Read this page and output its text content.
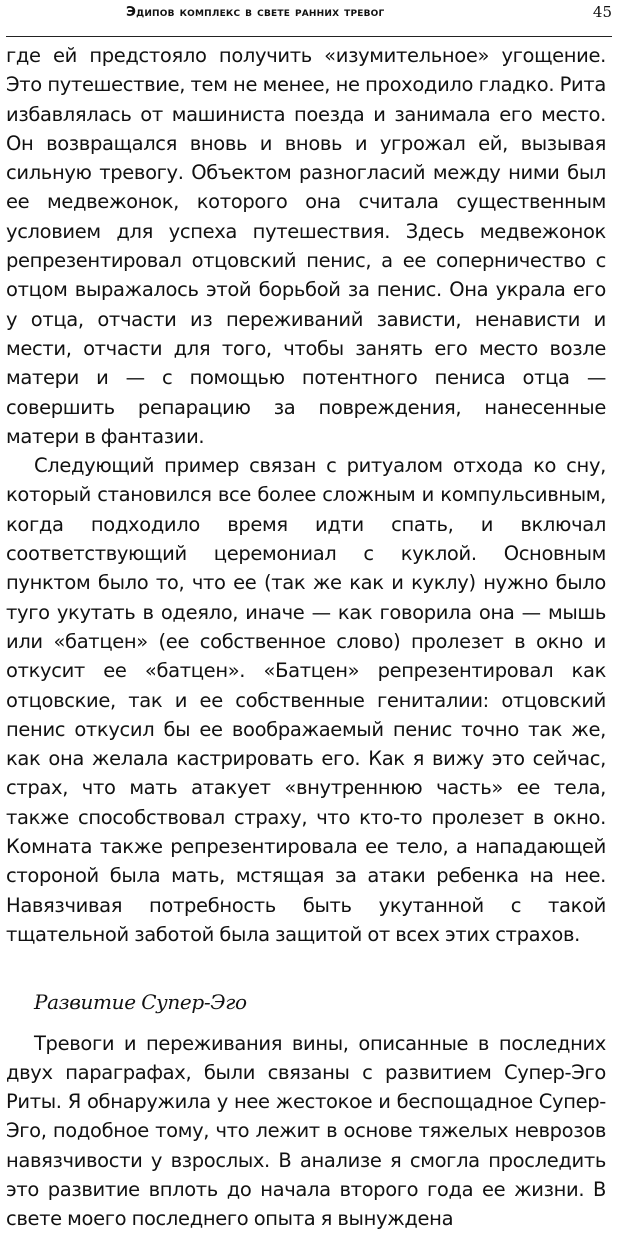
Эдипов комплекс в свете ранних тревог	45

где ей предстояло получить «изумительное» угощение. Это путешествие, тем не менее, не проходило гладко. Рита избавлялась от машиниста поезда и занимала его место. Он возвращался вновь и вновь и угрожал ей, вызывая сильную тревогу. Объектом разногласий между ними был ее медвежонок, которого она считала существенным условием для успеха путешествия. Здесь медвежонок репрезентировал отцовский пенис, а ее соперничество с отцом выражалось этой борьбой за пенис. Она украла его у отца, отчасти из переживаний зависти, ненависти и мести, отчасти для того, чтобы занять его место возле матери и — с помощью потентного пениса отца — совершить репарацию за повреждения, нанесенные матери в фантазии.

Следующий пример связан с ритуалом отхода ко сну, который становился все более сложным и компульсивным, когда подходило время идти спать, и включал соответствующий церемониал с куклой. Основным пунктом было то, что ее (так же как и куклу) нужно было туго укутать в одеяло, иначе — как говорила она — мышь или «батцен» (ее собственное слово) пролезет в окно и откусит ее «батцен». «Батцен» репрезентировал как отцовские, так и ее собственные гениталии: отцовский пенис откусил бы ее воображаемый пенис точно так же, как она желала кастрировать его. Как я вижу это сейчас, страх, что мать атакует «внутреннюю часть» ее тела, также способствовал страху, что кто-то пролезет в окно. Комната также репрезентировала ее тело, а нападающей стороной была мать, мстящая за атаки ребенка на нее. Навязчивая потребность быть укутанной с такой тщательной заботой была защитой от всех этих страхов.

Развитие Супер-Эго

Тревоги и переживания вины, описанные в последних двух параграфах, были связаны с развитием Супер-Эго Риты. Я обнаружила у нее жестокое и беспощадное Супер-Эго, подобное тому, что лежит в основе тяжелых неврозов навязчивости у взрослых. В анализе я смогла проследить это развитие вплоть до начала второго года ее жизни. В свете моего последнего опыта я вынуждена
